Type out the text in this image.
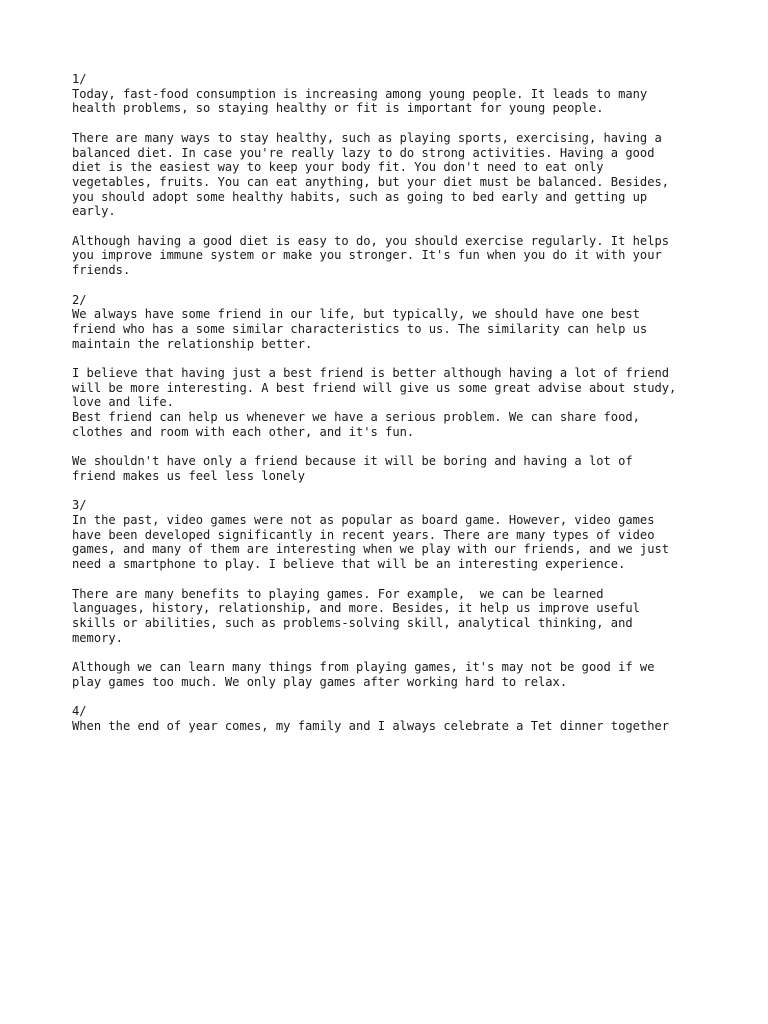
1/
Today, fast-food consumption is increasing among young people. It leads to many
health problems, so staying healthy or fit is important for young people.
There are many ways to stay healthy, such as playing sports, exercising, having a
balanced diet. In case you're really lazy to do strong activities. Having a good
diet is the easiest way to keep your body fit. You don't need to eat only
vegetables, fruits. You can eat anything, but your diet must be balanced. Besides,
you should adopt some healthy habits, such as going to bed early and getting up
early.
Although having a good diet is easy to do, you should exercise regularly. It helps
you improve immune system or make you stronger. It's fun when you do it with your
friends.
2/
We always have some friend in our life, but typically, we should have one best
friend who has a some similar characteristics to us. The similarity can help us
maintain the relationship better.
I believe that having just a best friend is better although having a lot of friend
will be more interesting. A best friend will give us some great advise about study,
love and life.
Best friend can help us whenever we have a serious problem. We can share food,
clothes and room with each other, and it's fun.
We shouldn't have only a friend because it will be boring and having a lot of
friend makes us feel less lonely
3/
In the past, video games were not as popular as board game. However, video games
have been developed significantly in recent years. There are many types of video
games, and many of them are interesting when we play with our friends, and we just
need a smartphone to play. I believe that will be an interesting experience.
There are many benefits to playing games. For example,  we can be learned
languages, history, relationship, and more. Besides, it help us improve useful
skills or abilities, such as problems-solving skill, analytical thinking, and
memory.
Although we can learn many things from playing games, it's may not be good if we
play games too much. We only play games after working hard to relax.
4/
When the end of year comes, my family and I always celebrate a Tet dinner together
